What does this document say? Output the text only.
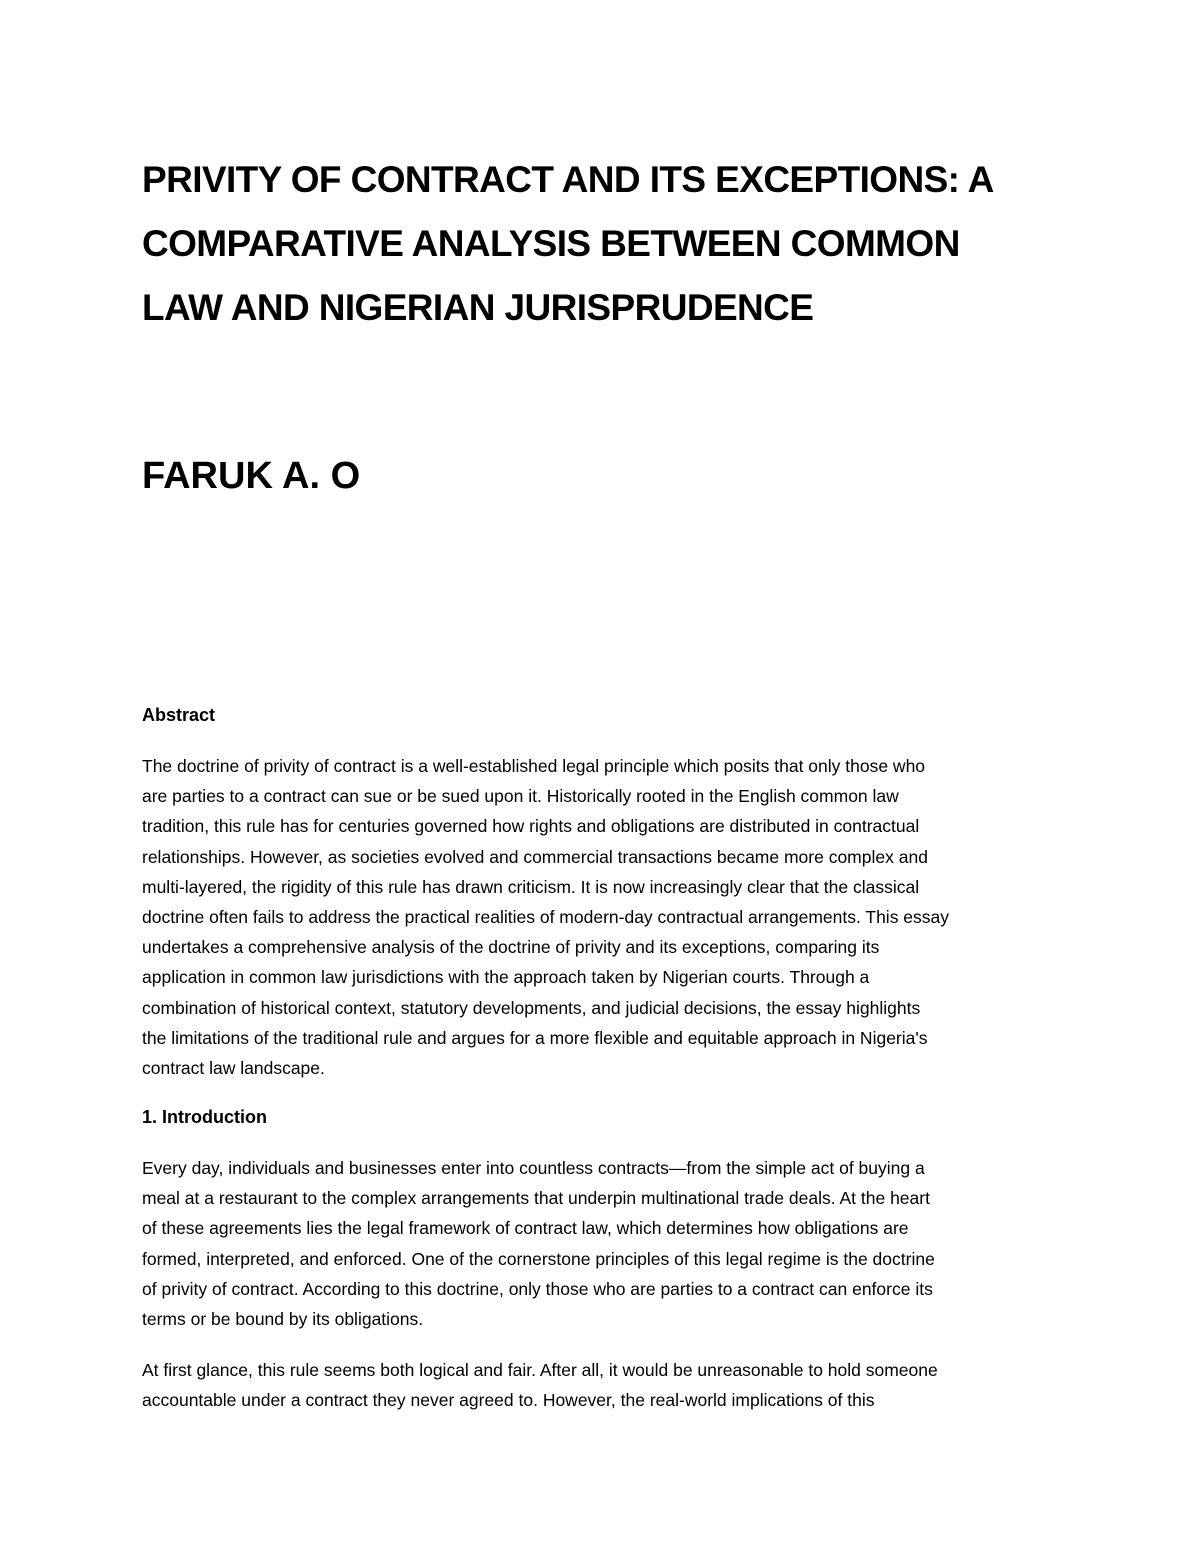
PRIVITY OF CONTRACT AND ITS EXCEPTIONS: A
COMPARATIVE ANALYSIS BETWEEN COMMON
LAW AND NIGERIAN JURISPRUDENCE
FARUK A. O
Abstract

The doctrine of privity of contract is a well-established legal principle which posits that only those who
are parties to a contract can sue or be sued upon it. Historically rooted in the English common law
tradition, this rule has for centuries governed how rights and obligations are distributed in contractual
relationships. However, as societies evolved and commercial transactions became more complex and
multi-layered, the rigidity of this rule has drawn criticism. It is now increasingly clear that the classical
doctrine often fails to address the practical realities of modern-day contractual arrangements. This essay
undertakes a comprehensive analysis of the doctrine of privity and its exceptions, comparing its
application in common law jurisdictions with the approach taken by Nigerian courts. Through a
combination of historical context, statutory developments, and judicial decisions, the essay highlights
the limitations of the traditional rule and argues for a more flexible and equitable approach in Nigeria's
contract law landscape.

1. Introduction

Every day, individuals and businesses enter into countless contracts—from the simple act of buying a
meal at a restaurant to the complex arrangements that underpin multinational trade deals. At the heart
of these agreements lies the legal framework of contract law, which determines how obligations are
formed, interpreted, and enforced. One of the cornerstone principles of this legal regime is the doctrine
of privity of contract. According to this doctrine, only those who are parties to a contract can enforce its
terms or be bound by its obligations.

At first glance, this rule seems both logical and fair. After all, it would be unreasonable to hold someone
accountable under a contract they never agreed to. However, the real-world implications of this
